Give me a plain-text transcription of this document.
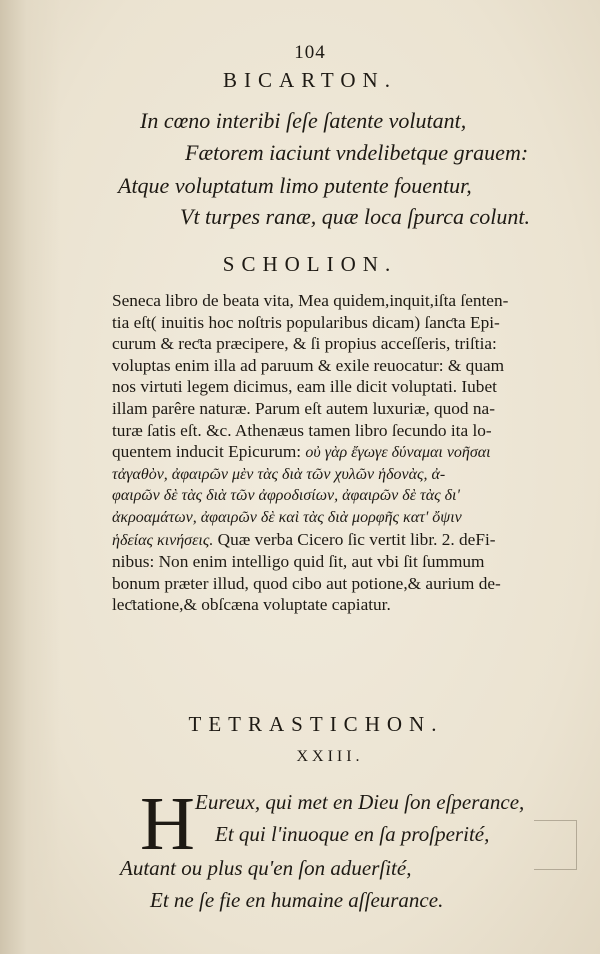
104
BICARTON.
In cœno interibi ſeſe ſatente volutant,
Fætorem iaciunt vndelibetque grauem:
Atque voluptatum limo putente fouentur,
Vt turpes ranæ, quæ loca ſpurca colunt.
SCHOLION.

Seneca libro de beata vita, Mea quidem,inquit,iſta ſenten-

tia eſt( inuitis hoc noſtris popularibus dicam) ſanƈta Epi-

curum & reƈta præcipere, & ſi propius acceſſeris, triſtia:

voluptas enim illa ad paruum & exile reuocatur: & quam

nos virtuti legem dicimus, eam ille dicit voluptati. Iubet

illam parêre naturæ. Parum eſt autem luxuriæ, quod na-

turæ ſatis eſt. &c. Athenæus tamen libro ſecundo ita lo-

quentem inducit Epicurum: οὐ γὰρ ἔγωγε δύναμαι νοῆσαι

τἀγαθὸν, ἀφαιρῶν μὲν τὰς διὰ τῶν χυλῶν ἡδονὰς, ἀ-

φαιρῶν δὲ τὰς διὰ τῶν ἀφροδισίων, ἀφαιρῶν δὲ τὰς δι'

ἀκροαμάτων, ἀφαιρῶν δὲ καὶ τὰς διὰ μορφῆς κατ' ὄψιν

ἡδείας κινήσεις. Quæ verba Cicero ſic vertit libr. 2. deFi-

nibus: Non enim intelligo quid ſit, aut vbi ſit ſummum

bonum præter illud, quod cibo aut potione,& aurium de-

leƈtatione,& obſcæna voluptate capiatur.

TETRASTICHON.
XXIII.
H Eureux, qui met en Dieu ſon eſperance,
Et qui l'inuoque en ſa proſperité,
Autant ou plus qu'en ſon aduerſité,
Et ne ſe fie en humaine aſſeurance.
